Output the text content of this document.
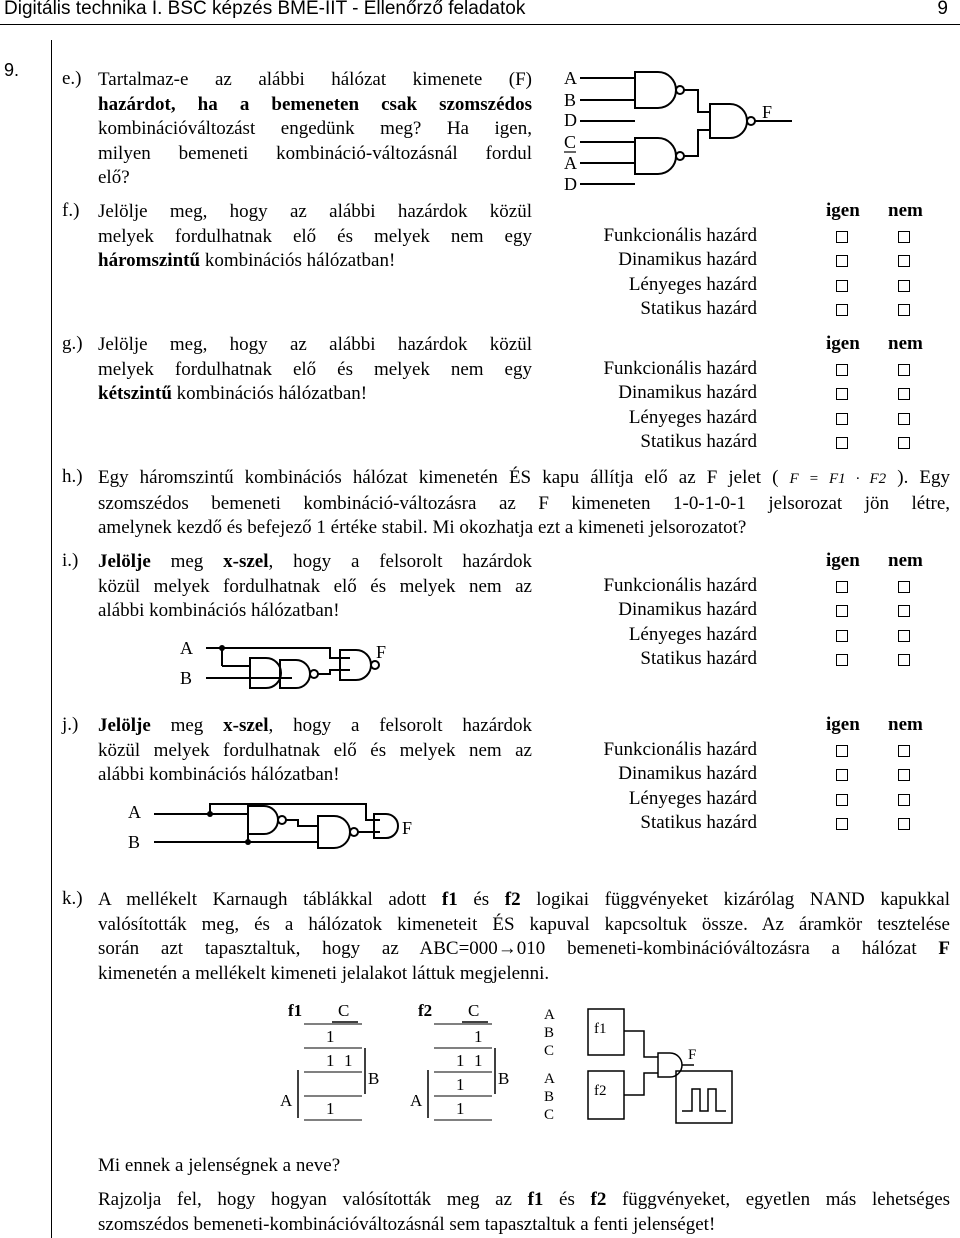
Digitális technika I. BSC képzés BME-IIT - Ellenőrző feladatok	9
9. e.) Tartalmaz-e az alábbi hálózat kimenete (F)
hazárdot, ha a bemeneten csak szomszédos
kombinációváltozást engedünk meg? Ha igen,
milyen bemeneti kombináció-változásnál fordul
elő?
A
B
D
C
A
D
F
f.) Jelölje meg, hogy az alábbi hazárdok közül
melyek fordulhatnak elő és melyek nem egy
háromszintű kombinációs hálózatban!
g.) Jelölje meg, hogy az alábbi hazárdok közül
melyek fordulhatnak elő és melyek nem egy
kétszintű kombinációs hálózatban!
h.) Egy háromszintű kombinációs hálózat kimenetén ÉS kapu állítja elő az F jelet ( F = F1 · F2 ). Egy
szomszédos bemeneti kombináció-változásra az F kimeneten 1-0-1-0-1 jelsorozat jön létre,
amelynek kezdő és befejező 1 értéke stabil. Mi okozhatja ezt a kimeneti jelsorozatot?
i.) Jelölje meg x-szel, hogy a felsorolt hazárdok
közül melyek fordulhatnak elő és melyek nem az
alábbi kombinációs hálózatban!
A
B
F
j.) Jelölje meg x-szel, hogy a felsorolt hazárdok
közül melyek fordulhatnak elő és melyek nem az
alábbi kombinációs hálózatban!
A
B
F
igen nem
Funkcionális hazárd
Dinamikus hazárd
Lényeges hazárd
Statikus hazárd
igen nem
Funkcionális hazárd
Dinamikus hazárd
Lényeges hazárd
Statikus hazárd
igen nem
Funkcionális hazárd
Dinamikus hazárd
Lényeges hazárd
Statikus hazárd
igen nem
Funkcionális hazárd
Dinamikus hazárd
Lényeges hazárd
Statikus hazárd
k.) A mellékelt Karnaugh táblákkal adott f1 és f2 logikai függvényeket kizárólag NAND kapukkal
valósították meg, és a hálózatok kimeneteit ÉS kapuval kapcsoltuk össze. Az áramkör tesztelése
során azt tapasztaltuk, hogy az ABC=000→010 bemeneti-kombinációváltozásra a hálózat F
kimenetén a mellékelt kimeneti jelalakot láttuk megjelenni.
f1 C
A
B
1
1 1
1
f2 C
A
B
1
1 1
1
1
A
B
C
A
B
C
f1
f2
F
Mi ennek a jelenségnek a neve?
Rajzolja fel, hogy hogyan valósították meg az f1 és f2 függvényeket, egyetlen más lehetséges
szomszédos bemeneti-kombinációváltozásnál sem tapasztaltuk a fenti jelenséget!
